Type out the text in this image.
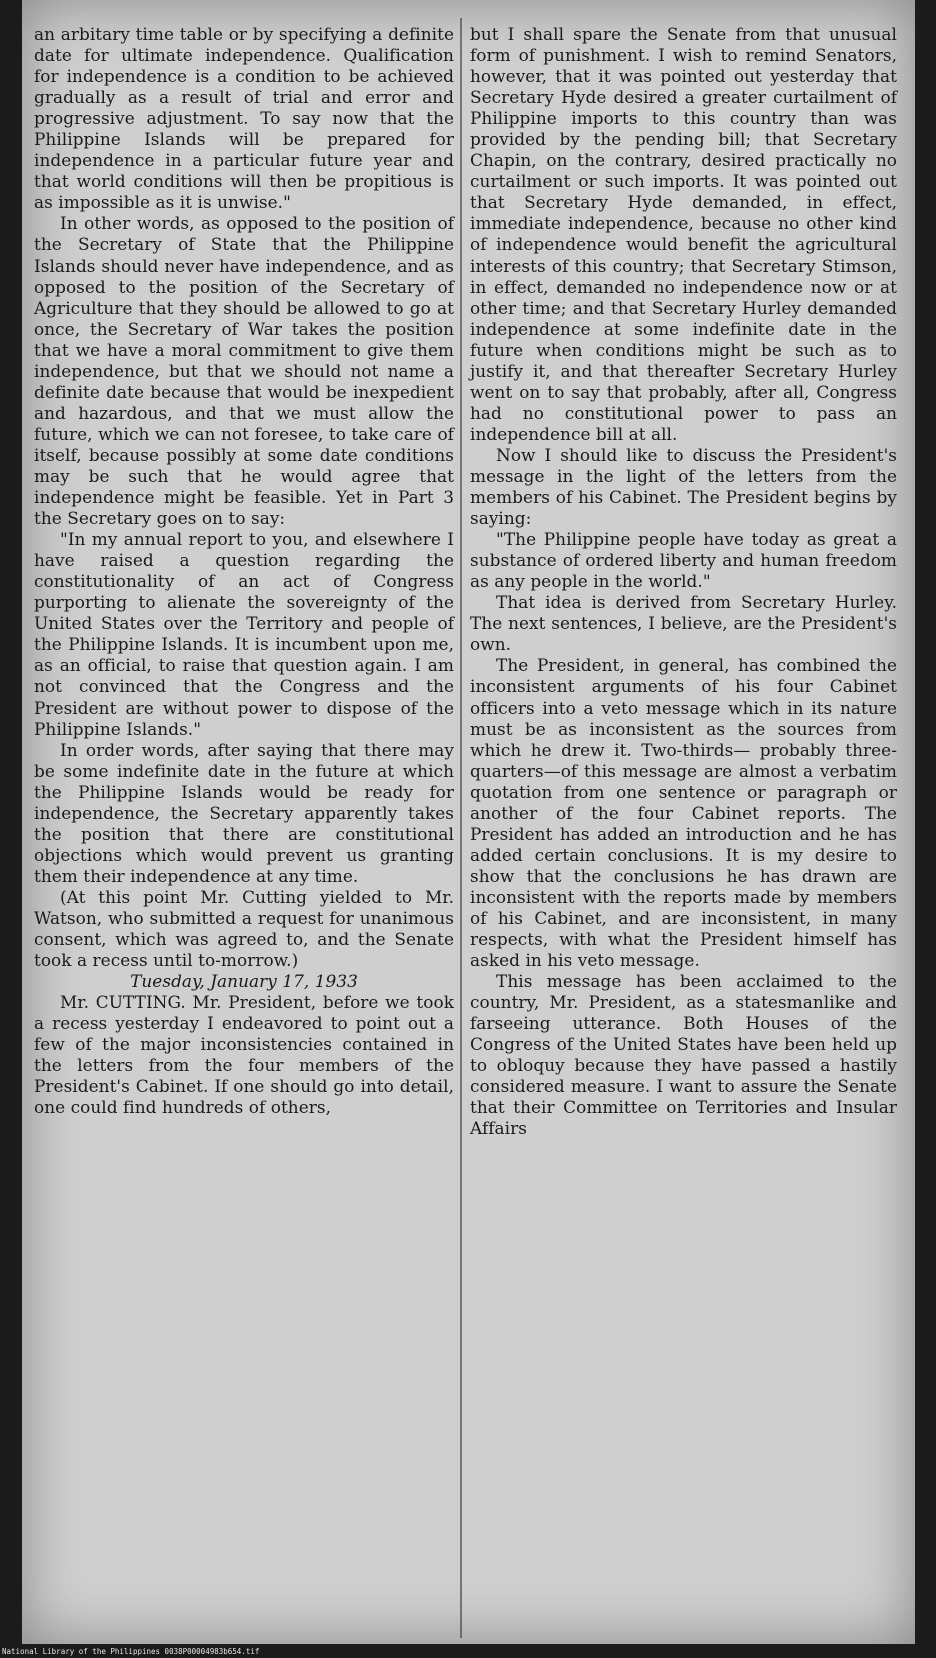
an arbitary time table or by specifying a definite date for ultimate independence. Qualification for independence is a condition to be achieved gradually as a result of trial and error and progressive adjustment. To say now that the Philippine Islands will be prepared for independence in a particular future year and that world conditions will then be propitious is as impossible as it is unwise."

In other words, as opposed to the position of the Secretary of State that the Philippine Islands should never have independence, and as opposed to the position of the Secretary of Agriculture that they should be allowed to go at once, the Secretary of War takes the position that we have a moral commitment to give them independence, but that we should not name a definite date because that would be inexpedient and hazardous, and that we must allow the future, which we can not foresee, to take care of itself, because possibly at some date conditions may be such that he would agree that independence might be feasible. Yet in Part 3 the Secretary goes on to say:

"In my annual report to you, and elsewhere I have raised a question regarding the constitutionality of an act of Congress purporting to alienate the sovereignty of the United States over the Territory and people of the Philippine Islands. It is incumbent upon me, as an official, to raise that question again. I am not convinced that the Congress and the President are without power to dispose of the Philippine Islands."

In order words, after saying that there may be some indefinite date in the future at which the Philippine Islands would be ready for independence, the Secretary apparently takes the position that there are constitutional objections which would prevent us granting them their independence at any time.

(At this point Mr. Cutting yielded to Mr. Watson, who submitted a request for unanimous consent, which was agreed to, and the Senate took a recess until to-morrow.)

Tuesday, January 17, 1933

Mr. CUTTING. Mr. President, before we took a recess yesterday I endeavored to point out a few of the major inconsistencies contained in the letters from the four members of the President's Cabinet. If one should go into detail, one could find hundreds of others,

but I shall spare the Senate from that unusual form of punishment. I wish to remind Senators, however, that it was pointed out yesterday that Secretary Hyde desired a greater curtailment of Philippine imports to this country than was provided by the pending bill; that Secretary Chapin, on the contrary, desired practically no curtailment or such imports. It was pointed out that Secretary Hyde demanded, in effect, immediate independence, because no other kind of independence would benefit the agricultural interests of this country; that Secretary Stimson, in effect, demanded no independence now or at other time; and that Secretary Hurley demanded independence at some indefinite date in the future when conditions might be such as to justify it, and that thereafter Secretary Hurley went on to say that probably, after all, Congress had no constitutional power to pass an independence bill at all.

Now I should like to discuss the President's message in the light of the letters from the members of his Cabinet. The President begins by saying:

"The Philippine people have today as great a substance of ordered liberty and human freedom as any people in the world."

That idea is derived from Secretary Hurley. The next sentences, I believe, are the President's own.

The President, in general, has combined the inconsistent arguments of his four Cabinet officers into a veto message which in its nature must be as inconsistent as the sources from which he drew it. Two-thirds— probably three-quarters—of this message are almost a verbatim quotation from one sentence or paragraph or another of the four Cabinet reports. The President has added an introduction and he has added certain conclusions. It is my desire to show that the conclusions he has drawn are inconsistent with the reports made by members of his Cabinet, and are inconsistent, in many respects, with what the President himself has asked in his veto message.

This message has been acclaimed to the country, Mr. President, as a statesmanlike and farseeing utterance. Both Houses of the Congress of the United States have been held up to obloquy because they have passed a hastily considered measure. I want to assure the Senate that their Committee on Territories and Insular Affairs

National Library of the Philippines 0038P00004983b654.tif
